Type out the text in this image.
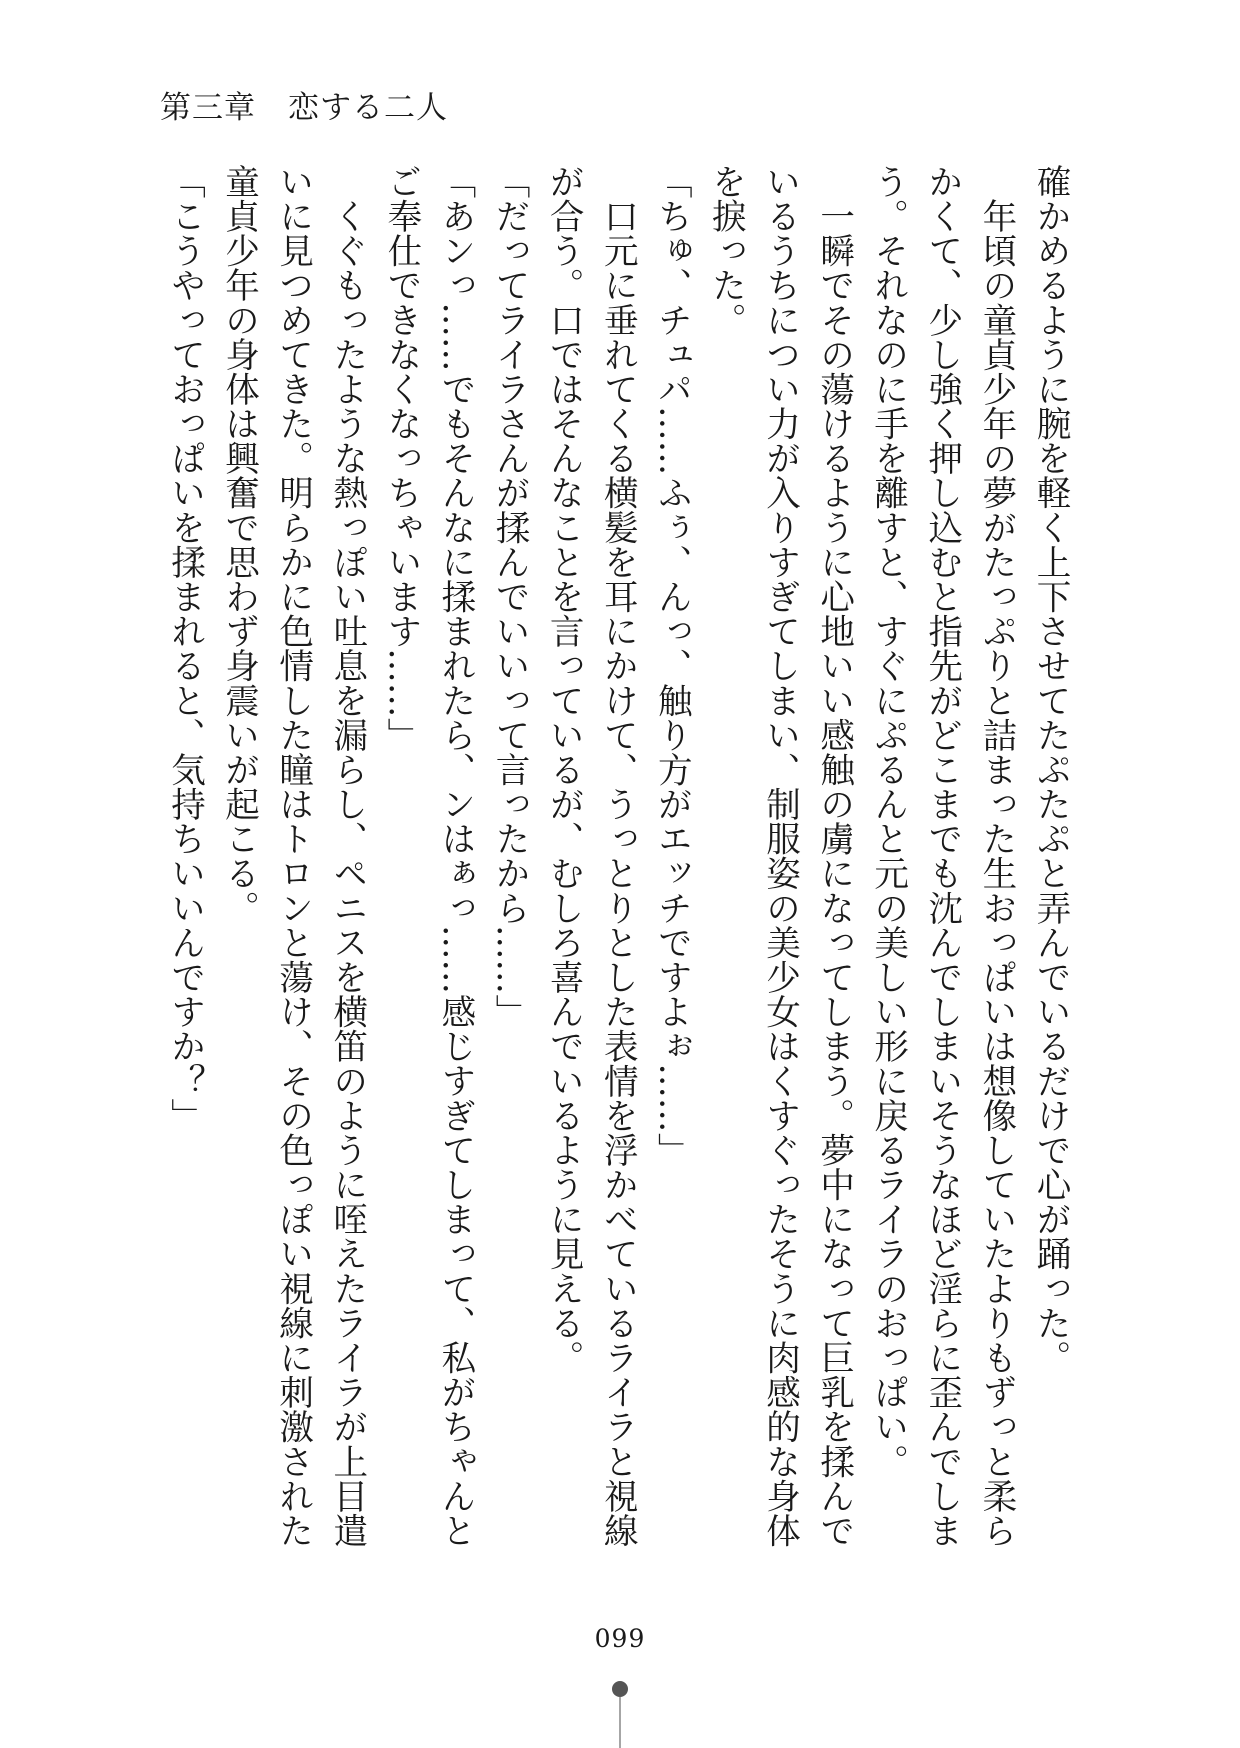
第三章　恋する二人
確かめるように腕を軽く上下させてたぷたぷと弄んでいるだけで心が踊った。
　年頃の童貞少年の夢がたっぷりと詰まった生おっぱいは想像していたよりもずっと柔ら
かくて、少し強く押し込むと指先がどこまでも沈んでしまいそうなほど淫らに歪んでしま
う。それなのに手を離すと、すぐにぷるんと元の美しい形に戻るライラのおっぱい。
　一瞬でその蕩けるように心地いい感触の虜になってしまう。夢中になって巨乳を揉んで
いるうちについ力が入りすぎてしまい、制服姿の美少女はくすぐったそうに肉感的な身体
を捩った。
「ちゅ、チュパ……ふぅ、んっ、触り方がエッチですよぉ……」
　口元に垂れてくる横髪を耳にかけて、うっとりとした表情を浮かべているライラと視線
が合う。口ではそんなことを言っているが、むしろ喜んでいるように見える。
「だってライラさんが揉んでいいって言ったから……」
「あンっ……でもそんなに揉まれたら、ンはぁっ……感じすぎてしまって、私がちゃんと
ご奉仕できなくなっちゃいます……」
　くぐもったような熱っぽい吐息を漏らし、ペニスを横笛のように咥えたライラが上目遣
いに見つめてきた。明らかに色情した瞳はトロンと蕩け、その色っぽい視線に刺激された
童貞少年の身体は興奮で思わず身震いが起こる。
「こうやっておっぱいを揉まれると、気持ちいいんですか？」
099
